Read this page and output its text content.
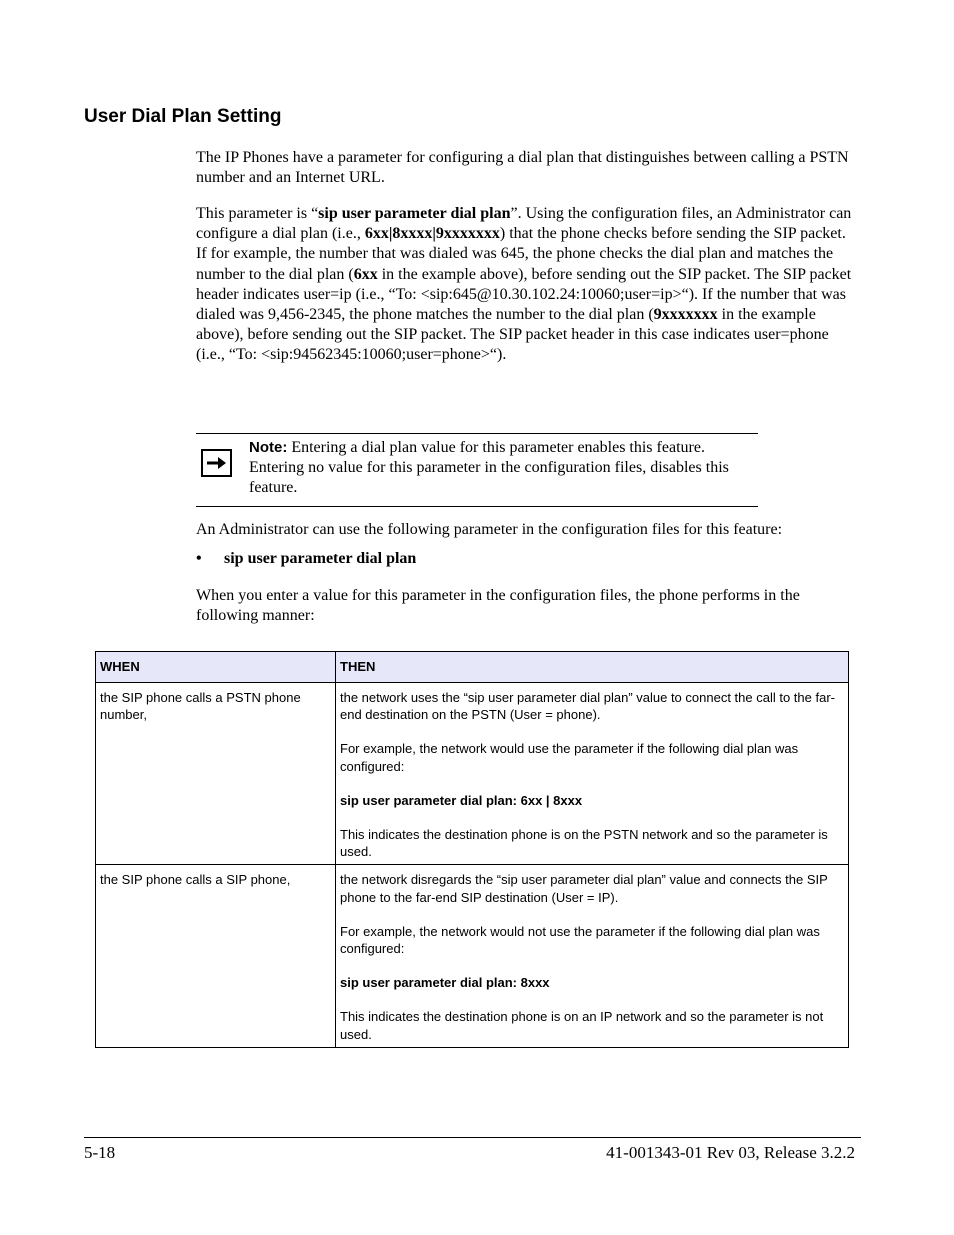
User Dial Plan Setting

The IP Phones have a parameter for configuring a dial plan that distinguishes between calling a PSTN number and an Internet URL.

This parameter is “sip user parameter dial plan”. Using the configuration files, an Administrator can configure a dial plan (i.e., 6xx|8xxxx|9xxxxxxx) that the phone checks before sending the SIP packet. If for example, the number that was dialed was 645, the phone checks the dial plan and matches the number to the dial plan (6xx in the example above), before sending out the SIP packet. The SIP packet header indicates user=ip (i.e., “To: <sip:645@10.30.102.24:10060;user=ip>“). If the number that was dialed was 9,456-2345, the phone matches the number to the dial plan (9xxxxxxx in the example above), before sending out the SIP packet. The SIP packet header in this case indicates user=phone (i.e., “To: <sip:94562345:10060;user=phone>“).

Note: Entering a dial plan value for this parameter enables this feature. Entering no value for this parameter in the configuration files, disables this feature.

An Administrator can use the following parameter in the configuration files for this feature:

• sip user parameter dial plan

When you enter a value for this parameter in the configuration files, the phone performs in the following manner:

WHEN	THEN
the SIP phone calls a PSTN phone number,	the network uses the “sip user parameter dial plan” value to connect the call to the far-end destination on the PSTN (User = phone).

For example, the network would use the parameter if the following dial plan was configured:

sip user parameter dial plan: 6xx | 8xxx

This indicates the destination phone is on the PSTN network and so the parameter is used.

the SIP phone calls a SIP phone,	the network disregards the “sip user parameter dial plan” value and connects the SIP phone to the far-end SIP destination (User = IP).

For example, the network would not use the parameter if the following dial plan was configured:

sip user parameter dial plan: 8xxx

This indicates the destination phone is on an IP network and so the parameter is not used.

5-18	41-001343-01 Rev 03, Release 3.2.2
